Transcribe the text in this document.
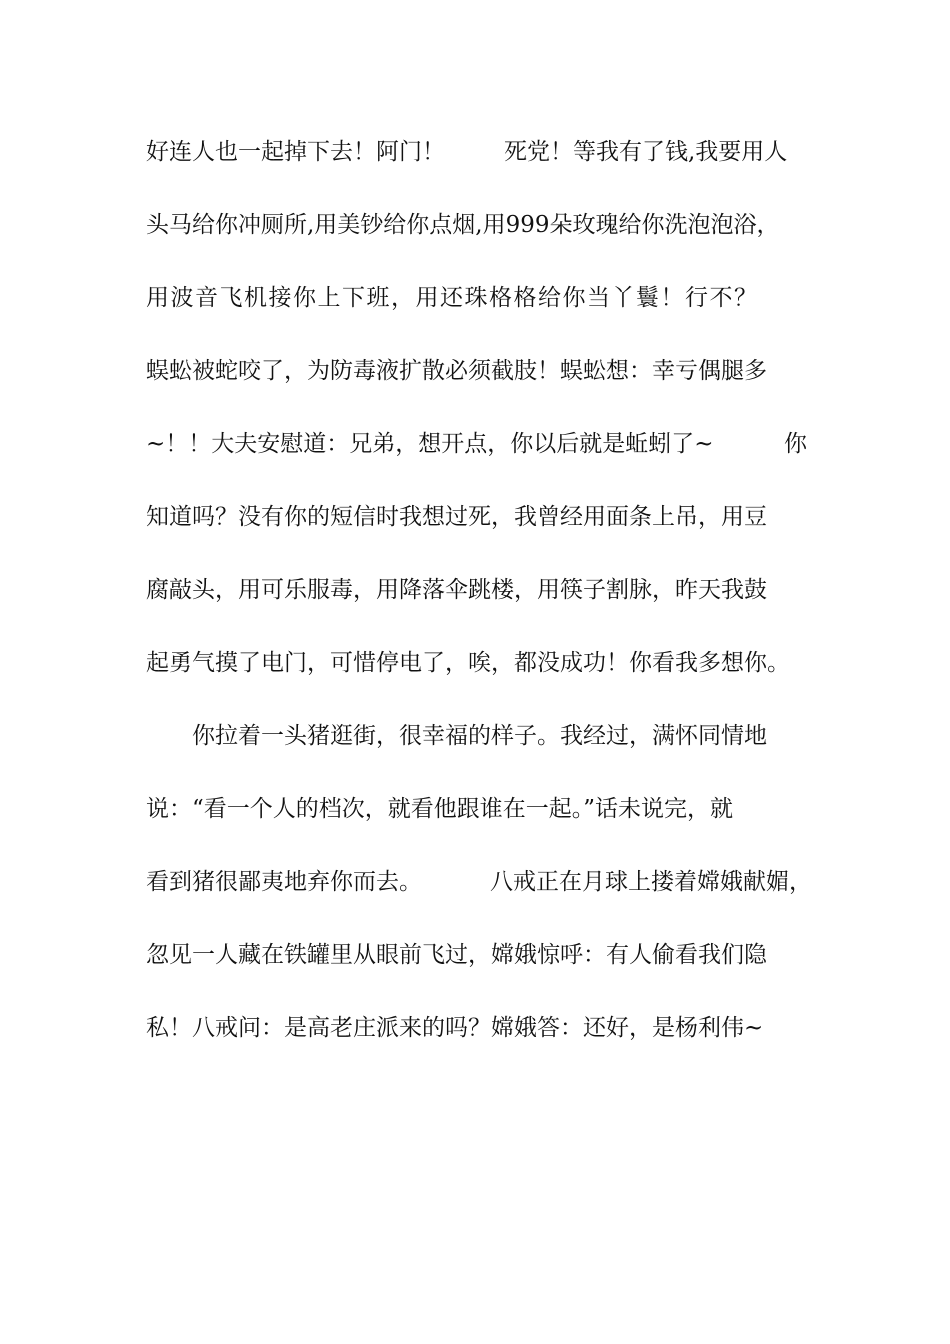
好连人也一起掉下去！阿门！

	死党！等我有了钱,我要用人

头马给你冲厕所,用美钞给你点烟,用999朵玫瑰给你洗泡泡浴，

用波音飞机接你上下班，用还珠格格给你当丫鬟！行不？

蜈蚣被蛇咬了，为防毒液扩散必须截肢！蜈蚣想：幸亏偶腿多

~！！大夫安慰道：兄弟，想开点，你以后就是蚯蚓了~

	你

知道吗？没有你的短信时我想过死，我曾经用面条上吊，用豆

腐敲头，用可乐服毒，用降落伞跳楼，用筷子割脉，昨天我鼓

起勇气摸了电门，可惜停电了，唉，都没成功！你看我多想你。

你拉着一头猪逛街，很幸福的样子。我经过，满怀同情地

说：“看一个人的档次，就看他跟谁在一起。”话未说完，就

看到猪很鄙夷地弃你而去。

	八戒正在月球上搂着嫦娥献媚，

忽见一人藏在铁罐里从眼前飞过，嫦娥惊呼：有人偷看我们隐

私！八戒问：是高老庄派来的吗？嫦娥答：还好，是杨利伟~
